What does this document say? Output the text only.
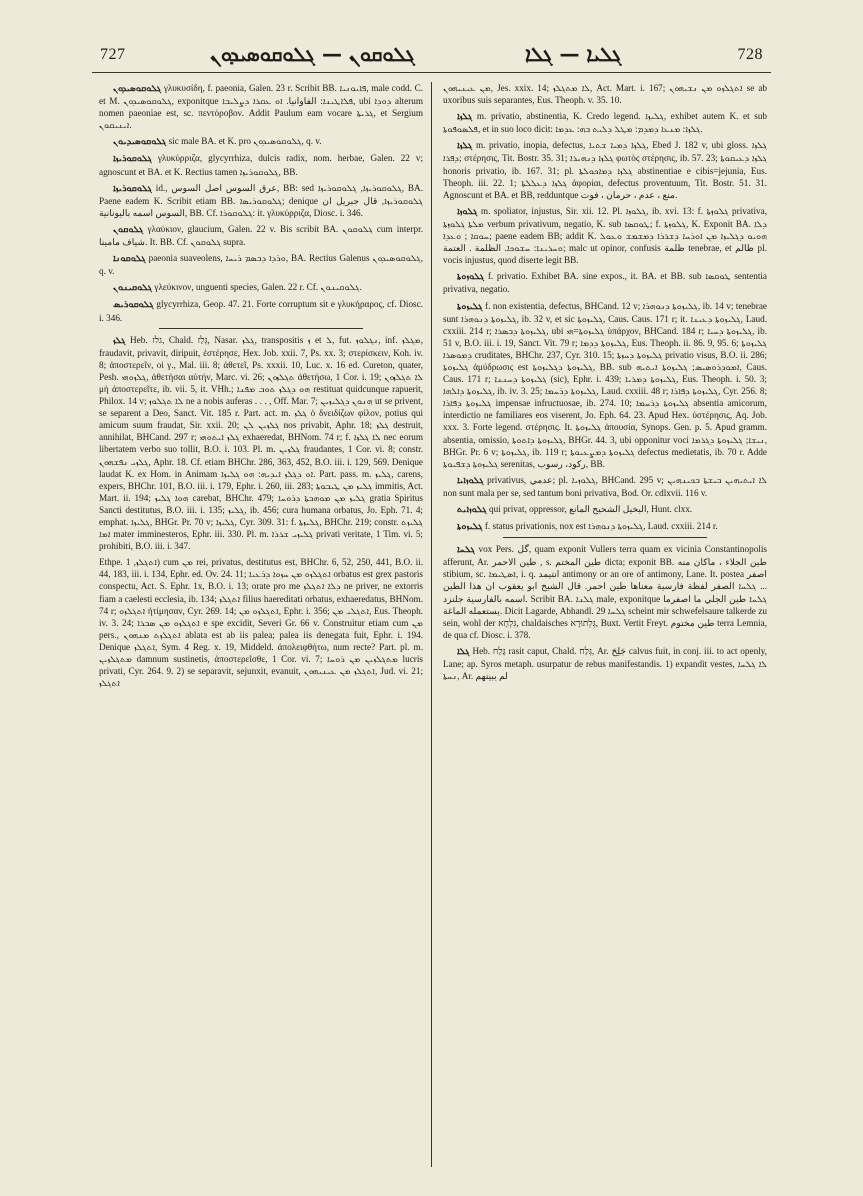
727	ܓܠܘܩܘܢ — ܓܠܘܩܘܣܝܕܘܢ	ܓܠܝܐ — ܓܠܐ	728

ܓܠܘܩܘܣܝܕܘܢ γλυκυσίδη, f. paeonia, Galen. 23 r. Scribit BB. ܦܐܝܘܢܝܐ, male codd. C. et M. ܓܠܘܩܘܣܝܕܘܢ, exponitque ܦܠܐܛܝܢܐ: الفاوانيا. ܐܘ ܥܩܪܐ ܕܨܠܝܒܐ, ubi ܕܘܕܐ alterum nomen paeoniae est, sc. πεντόροβον. Addit Paulum eam vocare ܓܪܝܬܐ, et Sergium ܐܝܢܝܩܘܢ.

ܓܠܘܩܘܣܝܕܝܘܢ sic male BA. et K. pro ܓܠܘܩܘܣܝܕܘܢ, q. v.

ܓܠܘܩܘܪܝܙܐ γλυκύρριζα, glycyrrhiza, dulcis radix, nom. herbae, Galen. 22 v; agnoscunt et BA. et K. Rectius tamen ܓܠܘܩܘܪܝܙܐ, BB.

ܓܠܘܩܘܪܝܙܐ id., عرق السوس اصل السوس, BB: sed ܓܠܘܩܘܪܝܙܐ, ܓܠܘܩܘܪܝܙܐ, BA. Paene eadem K. Scribit etiam BB. ܓܠܘܩܘܪܝܣܐ; denique ܓܠܘܩܘܪܝܙܐ, قال جبريل ان السوس اسمه باليونانية, BB. Cf. ܓܠܘܩܘܪܐ: it. γλυκύρριζα, Diosc. i. 346.

ܓܠܘܩܘܢ γλαύκιον, glaucium, Galen. 22 v. Bis scribit BA. ܓܠܘܩܘܢ cum interpr. شياف مامينا. It. BB. Cf. ܓܠܘܩܘܢ supra.

ܓܠܘܩܘܢܐ paeonia suaveolens, ܘܪܕܐ ܕܒܣܡ ܪܝܚܐ, BA. Rectius Galenus ܓܠܘܩܘܣܝܕܘܢ, q. v.

ܓܠܘܩܝܢܘܢ γλεύκινον, unguenti species, Galen. 22 r. Cf. ܓܠܘܩܝܢܘܢ.

ܓܠܘܩܘܪܝܣ glycyrrhiza, Geop. 47. 21. Forte corruptum sit e γλυκήραρος, cf. Diosc. i. 346.

ܓܠܙ Heb. גלז, Chald. גְּלַז, Nasar. ܓܠܙ, transpositis ܙ et ܠ, fut. ܢܓܠܘܙ, inf. ܡܓܠܙ, fraudavit, privavit, diripuit, ἐστέρησε, Hex. Job. xxii. 7, Ps. xx. 3; στερίσκειν, Koh. iv. 8; ἀποστερεῖν, οἱ γ., Mal. iii. 8; ἀθετεῖ, Ps. xxxii. 10, Luc. x. 16 ed. Cureton, quater, Pesh. ܓܠܙܘܗܝ, ἀθετήσαι αὐτήν, Marc. vi. 26; ܬܓܠܙܘܢ ἀθετήσω, 1 Cor. i. 19; ܠܐ ܬܓܠܙܘܢ μὴ ἀποστερεῖτε, ib. vii. 5, it. VHh.; ܗܘ ܕܓܠܙ ܬܘܒ ܡܦܢܐ restituat quidcunque rapuerit, Philox. 14 v; ܠܐ ܬܓܠܘܙ ne a nobis auferas . . . , Off. Mar. 7; ܗܢܘܢ ܕܓܠܝܙܝܢ ut se privent, se separent a Deo, Sanct. Vit. 185 r. Part. act. m. ܓܠܙ ὁ δνειδίζων φίλον, potius qui amicum suum fraudat, Sir. xxii. 20; ܓܠܙܝܢ ܠܢ nos privabit, Aphr. 18; ܓܠܙ destruit, annihilat, BHCand. 297 r; ܓܠܙ ܐܝܬܘܗܝ exhaeredat, BHNom. 74 r; f. ܠܐ ܓܠܙܐ nec eorum libertatem verbo suo tollit, B.O. i. 103. Pl. m. ܓܠܙܝܢ fraudantes, 1 Cor. vi. 8; constr. ܓܠܙܝ ܢܦܫܗܘܢ, Aphr. 18. Cf. etiam BHChr. 286, 363, 452, B.O. iii. i. 129, 569. Denique laudat K. ex Hom. in Animam ܐܘ ܕܓܠܙ ܐܝܕܝܗ: ܗܘ ܓܠܝܙܐ. Part. pass. m. ܓܠܝܙ, carens, expers, BHChr. 101, B.O. iii. i. 179, Ephr. i. 260, iii. 283; ܓܠܝܙ ܡܢ ܛܝܒܘܬܐ immitis, Act. Mart. ii. 194; ܗܘܐ ܓܠܝܙ carebat, BHChr. 479; ܓܠܝܙ ܡܢ ܡܘܗܒܬܐ ܕܪܘܚܐ gratia Spiritus Sancti destitutus, B.O. iii. i. 135; ܓܠܝܙ, ib. 456; cura humana orbatus, Jo. Eph. 71. 4; emphat. ܓܠܝܙܐ, BHGr. Pr. 70 v; ܓܠܝܙܐ, Cyr. 309. 31: f. ܓܠܝܙܬܐ, BHChr. 219; constr. ܓܠܝܙܬ ܐܡܐ mater imminesteros, Ephr. iii. 330. Pl. m. ܓܠܝܙܝ ܫܪܪܐ privati veritate, 1 Tim. vi. 5; prohibiti, B.O. iii. i. 347.

Ethpe. ܐܬܓܠܙ, 1) cum ܡܢ rei, privatus, destitutus est, BHChr. 6, 52, 250, 441, B.O. ii. 44, 183, iii. i. 134, Ephr. ed. Ov. 24. 11; ܐܬܓܠܙܘ ܡܢ ܚܙܘܐ ܕܪܥܝܐ orbatus est grex pastoris conspectu, Act. S. Ephr. 1x, B.O. i. 13; orate pro me ܕܠܐ ܐܬܓܠܙ ne priver, ne extorris fiam a caelesti ecclesia, ib. 134; ܐܬܓܠܙ filius haereditati orbatus, exhaeredatus, BHNom. 74 r; ܐܬܓܠܙܘ ἠτίμησαν, Cyr. 269. 14; ܐܬܓܠܙܘ ܡܢ, Ephr. i. 356; ܐܬܓܠܝ ܡܢ, Eus. Theoph. iv. 3. 24; ܐܬܓܠܙܘ ܡܢ ܣܒܪܐ e spe excidit, Severi Gr. 66 v. Construitur etiam cum ܡܢ pers., ܐܬܓܠܙܬ ܡܢܗܘܢ ablata est ab iis palea; palea iis denegata fuit, Ephr. i. 194. Denique ܐܬܓܠܙ, Sym. 4 Reg. x. 19, Middeld. ἀπολειφθήτω, num recte? Part. pl. m. ܡܬܓܠܙܝܢ damnum sustinetis, ἀποστερεῖσθε, 1 Cor. vi. 7; ܡܬܓܠܙܝܢ ܡܢ ܪܘܚܐ lucris privati, Cyr. 264. 9. 2) se separavit, sejunxit, evanuit, ܐܬܓܠܙ ܡܢ ܥܝܢܝܗܘܢ, Jud. vi. 21; ܐܬܓܠܙ

ܡܢ ܥܝܢܝܗܘܢ, Jes. xxix. 14; ܠܐ ܡܬܓܠܙ, Act. Mart. i. 167; ܐܬܓܠܙܘ ܡܢ ܢܫܝܗܘܢ se ab uxoribus suis separantes, Eus. Theoph. v. 35. 10.

ܓܠܙܐ m. privatio, abstinentia, K. Credo legend. ܓܠܝܙܐ, exhibet autem K. et sub ܦܠܣܘܦܘܬܐ, et in suo loco dicit: ܓܠܙܐ: ܡܢܥܐ ܕܡܕܡ: ܡܛܠ ܕܠܝܬ ܒܗ: ܥܕܡܐ.

ܓܠܙܐ m. privatio, inopia, defectus, ܓܠܙܐ ܕܡܝܐ ܫܬܝܐ, Ebed J. 182 v, ubi gloss. ܓܠܙܐ ܕܦܪܐ; στέρησις, Tit. Bostr. 35. 31; ܓܠܙܐ ܕܢܗܝܪܐ φωτὸς στέρησις, ib. 57. 23; ܓܠܙܐ ܕܥܝܩܘܬܐ honoris privatio, ib. 167. 31; pl. ܓܠܙܐ ܕܡܐܟܘܠܬܐ abstinentiae e cibis=jejunia, Eus. Theoph. iii. 22. 1; ܓܠܙܐ ܕܥܠܠܬܐ ἀφορίαι, defectus proventuum, Tit. Bostr. 51. 31. Agnoscunt et BA. et BB, redduntque منع ، عدم ، حرمان ، فوت.

ܓܠܘܙܐ m. spoliator, injustus, Sir. xii. 12. Pl. ܓܠܘܙܐ, ib. xvi. 13: f. ܓܠܘܙܬܐ privativa, ܡܠܬܐ ܓܠܘܙܬܐ verbum privativum, negatio, K. sub ܛܘܩܣܐ; f. ܓܠܘܙܬܐ, K. Exponit BA. ܕܠܐ ܚܘܩܐ ; ܘܥܕܐ; paene eadem BB; addit K. ܗܘܝܘ ܕܓܠܝܙܐ ܡܢ ܐܘܪܚܐ ܕܫܪܪܐ ܕܡܫܡܫ ܘܥܘܠ ܘܚܪܝܢܐ: ܚܫܘܟܐ. الظلمة . العتمة; malc ut opinor, confusis ظلمة tenebrae, et ظالم pl. vocis injustus, quod diserte legit BB.

ܓܠܘܙܘܬܐ f. privatio. Exhibet BA. sine expos., it. BA. et BB. sub ܛܘܩܣܐ sententia privativa, negatio.

ܓܠܝܙܘܬܐ f. non existentia, defectus, BHCand. 12 v; ܓܠܝܙܘܬܐ ܕܢܘܗܪܐ, ib. 14 v; tenebrae sunt ܓܠܝܙܘܬܐ ܕܢܘܗܪܐ, ib. 32 v, et sic ܓܠܝܙܘܬܐ, Caus. Caus. 171 r; it. ܓܠܝܙܘܬܐ ܕܥܝܢܐ, Laud. cxxiii. 214 r; ܓܠܝܙܘܬܐ ܕܒܣܪܐ, ubi ܓܠܝܙܘܬܐ=ܗܝ ὑπάρχον, BHCand. 184 r; ܓܠܝܙܘܬܐ ܕܚܝܐ, ib. 51 v, B.O. iii. i. 19, Sanct. Vit. 79 r; ܓܠܝܙܘܬܐ ܕܕܡܐ, Eus. Theoph. ii. 86. 9, 95. 6; ܓܠܝܙܘܬܐ ܕܡܘܣܪܐ cruditates, BHChr. 237, Cyr. 310. 15; ܓܠܝܙܘܬܐ ܕܚܙܬܐ privatio visus, B.O. ii. 286; ܓܠܝܙܘܬܐ ἀμύδρωσις est ܓܠܝܙܘܬܐ ܕܓܠܝܙܘܬܐ, BB. sub ܐܡܘܕܪܘܣܝܣ; ܓܠܝܙܘܬܐ ܐܝܬܝܗ, Caus. Caus. 171 r; ܓܠܝܙܘܬܐ ܕܚܢܢܐ (sic), Ephr. i. 439; ܓܠܝܙܘܬܐ ܕܡܪܝܐ, Eus. Theoph. i. 50. 3; ܓܠܝܙܘܬܐ ܕܐܠܗܐ, ib. iv. 3. 25; ܓܠܝܙܘܬܐ ܕܪܚܡܐ, Laud. cxxiii. 48 r; ܓܠܝܙܘܬܐ ܕܦܐܪܐ, Cyr. 256. 8; ܓܠܝܙܘܬܐ ܕܦܐܪܐ impensae infructuosae, ib. 274. 10; ܓܠܝܙܘܬܐ ܕܪܚܡܐ absentia amicorum, interdictio ne familiares eos viserent, Jo. Eph. 64. 23. Apud Hex. ὑστέρησις, Aq. Job. xxx. 3. Forte legend. στέρησις. It. ܓܠܝܙܘܬܐ ἀπουσία, Synops. Gen. p. 5. Apud gramm. absentia, omissio, ܓܠܝܙܘܬܐ ܕܐܬܘܬܐ, BHGr. 44. 3, ubi opponitur voci ܢܝܫܐ; ܓܠܝܙܘܬܐ ܕܓܪܡܐ, BHGr. Pr. 6 v; ܓܠܝܙܘܬܐ, ib. 119 r; ܓܠܝܙܘܬܐ ܕܡܨܥܝܘܬܐ defectus medietatis, ib. 70 r. Adde ܓܠܝܙܘܬܐ ܕܫܦܝܘܬܐ serenitas, ركود، رسوب, BB.

ܓܠܘܙܐܝܐ privativus, عدمي; pl. ܓܠܘܙܝܐ, BHCand. 295 v; ܠܐ ܐܝܬܝܗܝܢ ܒܝܫܬܐ ܒܟܝܢܗܝܢ non sunt mala per se, sed tantum boni privativa, Bod. Or. cdlxvii. 116 v.

ܓܠܘܙܐܝܬ qui privat, oppressor, البخيل الشحيح المانع, Hunt. clxx.

ܓܠܝܙܘܬܐ f. status privationis, nox est ܓܠܝܙܘܬܐ ܕܢܘܗܪܐ, Laud. cxxiii. 214 r.

ܓܠܚܐ vox Pers. گل, quam exponit Vullers terra quam ex vicinia Constantinopolis afferunt, Ar. طين الاحمر , s. طين المختم dicta; exponit BB. طين الجلاء ، ماكان منه stibium, sc. ܐܣܛܝܡܐ, i. q. انتيمد antimony or an ore of antimony, Lane. It. postea اصفر ... ܓܠܚܐ الصفر لفظة فارسية معناها طين احمر. قال الشيخ ابو يعقوب ان هذا الطين اسمه بالفارسية جلنزد. Scribit BA. ܓܠܢܐ male, exponitque ܓܠܚܐ طين الجلي ما اصفرما يستعمله الماغة. Dicit Lagarde, Abhandl. 29 ܓܠܚܐ scheint mir schwefelsaure talkerde zu sein, wohl der גִּלְחָא, chaldaisches גְּלְתוּרָא, Buxt. Vertit Freyt. طين مختوم terra Lemnia, de qua cf. Diosc. i. 378.

ܓܠܐ Heb. גָּלַח rasit caput, Chald. גְּלַח, Ar. جَلِحَ calvus fuit, in conj. iii. to act openly, Lane; ap. Syros metaph. usurpatur de rebus manifestandis. 1) expandit vestes, ܠܐ ܓܠܚܐ ܢܚܬܐ, Ar. لم يبينهم
